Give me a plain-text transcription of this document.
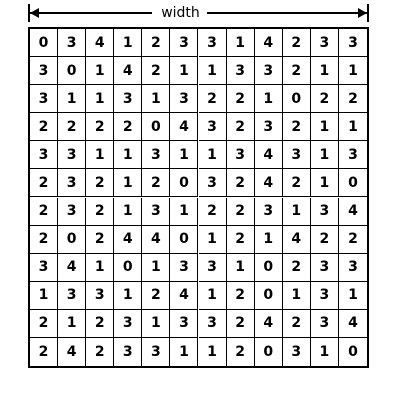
width
0	3	4	1	2	3	3	1	4	2	3	3
3	0	1	4	2	1	1	3	3	2	1	1
3	1	1	3	1	3	2	2	1	0	2	2
2	2	2	2	0	4	3	2	3	2	1	1
3	3	1	1	3	1	1	3	4	3	1	3
2	3	2	1	2	0	3	2	4	2	1	0
2	3	2	1	3	1	2	2	3	1	3	4
2	0	2	4	4	0	1	2	1	4	2	2
3	4	1	0	1	3	3	1	0	2	3	3
1	3	3	1	2	4	1	2	0	1	3	1
2	1	2	3	1	3	3	2	4	2	3	4
2	4	2	3	3	1	1	2	0	3	1	0
